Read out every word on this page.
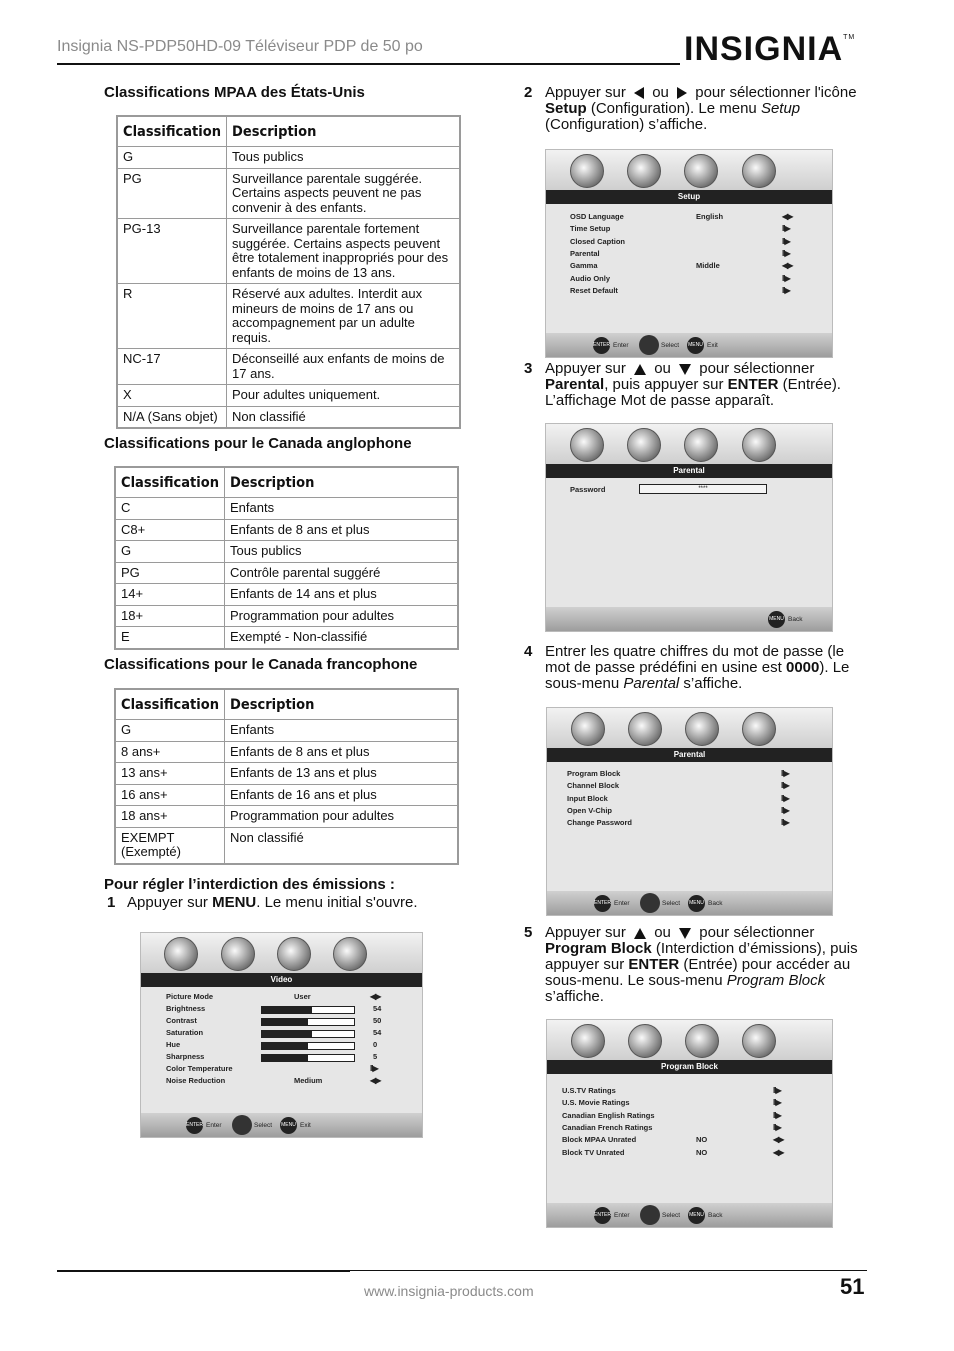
Insignia NS-PDP50HD-09 Téléviseur PDP de 50 po	INSIGNIA™
Classifications MPAA des États-Unis
Classification	Description
G	Tous publics
PG	Surveillance parentale suggérée. Certains aspects peuvent ne pas convenir à des enfants.
PG-13	Surveillance parentale fortement suggérée. Certains aspects peuvent être totalement inappropriés pour des enfants de moins de 13 ans.
R	Réservé aux adultes. Interdit aux mineurs de moins de 17 ans ou accompagnement par un adulte requis.
NC-17	Déconseillé aux enfants de moins de 17 ans.
X	Pour adultes uniquement.
N/A (Sans objet)	Non classifié
Classifications pour le Canada anglophone
Classification	Description
C	Enfants
C8+	Enfants de 8 ans et plus
G	Tous publics
PG	Contrôle parental suggéré
14+	Enfants de 14 ans et plus
18+	Programmation pour adultes
E	Exempté - Non-classifié
Classifications pour le Canada francophone
Classification	Description
G	Enfants
8 ans+	Enfants de 8 ans et plus
13 ans+	Enfants de 13 ans et plus
16 ans+	Enfants de 16 ans et plus
18 ans+	Programmation pour adultes
EXEMPT (Exempté)	Non classifié
Pour régler l’interdiction des émissions :
1 Appuyer sur MENU. Le menu initial s'ouvre.
Video
Picture Mode	User	◀▶
Brightness	54
Contrast	50
Saturation	54
Hue	0
Sharpness	5
Color Temperature	II▶
Noise Reduction	Medium	◀▶
ENTER Enter	Select MENU Exit
2 Appuyer sur ou pour sélectionner l'icône Setup (Configuration). Le menu Setup (Configuration) s’affiche.
Setup
OSD Language	English	◀▶
Time Setup	II▶
Closed Caption	II▶
Parental	II▶
Gamma	Middle	◀▶
Audio Only	II▶
Reset Default	II▶
ENTER Enter	Select MENU Exit
3 Appuyer sur ou pour sélectionner Parental, puis appuyer sur ENTER (Entrée). L’affichage Mot de passe apparaît.
Parental
Password	****
MENU Back
4 Entrer les quatre chiffres du mot de passe (le mot de passe prédéfini en usine est 0000). Le sous-menu Parental s’affiche.
Parental
Program Block	II▶
Channel Block	II▶
Input Block	II▶
Open V-Chip	II▶
Change Password	II▶
ENTER Enter	Select MENU Back
5 Appuyer sur ou pour sélectionner Program Block (Interdiction d’émissions), puis appuyer sur ENTER (Entrée) pour accéder au sous-menu. Le sous-menu Program Block s’affiche.
Program Block
U.S.TV Ratings	II▶
U.S. Movie Ratings	II▶
Canadian English Ratings	II▶
Canadian French Ratings	II▶
Block MPAA Unrated	NO	◀▶
Block TV Unrated	NO	◀▶
ENTER Enter	Select MENU Back
www.insignia-products.com	51
